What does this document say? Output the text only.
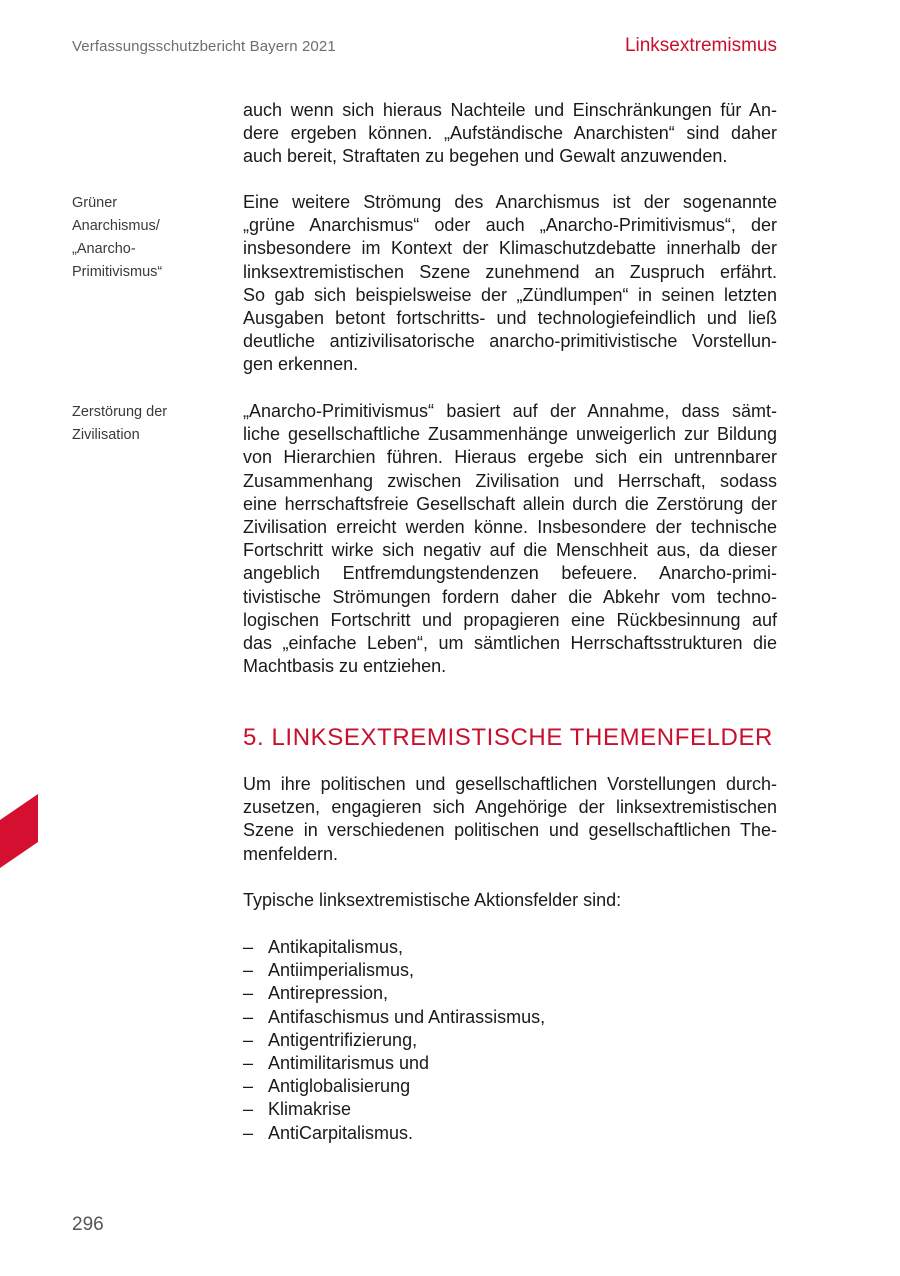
Verfassungsschutzbericht Bayern 2021	Linksextremismus
Grüner
Anarchismus/
„Anarcho-
Primitivismus“
Zerstörung der
Zivilisation
auch wenn sich hieraus Nachteile und Einschränkungen für An-
dere ergeben können. „Aufständische Anarchisten“ sind daher
auch bereit, Straftaten zu begehen und Gewalt anzuwenden.
Eine weitere Strömung des Anarchismus ist der sogenannte
„grüne Anarchismus“ oder auch „Anarcho-Primitivismus“, der
insbesondere im Kontext der Klimaschutzdebatte innerhalb der
linksextremistischen Szene zunehmend an Zuspruch erfährt.
So gab sich beispielsweise der „Zündlumpen“ in seinen letzten
Ausgaben betont fortschritts- und technologiefeindlich und ließ
deutliche antizivilisatorische anarcho-primitivistische Vorstellun-
gen erkennen.
„Anarcho-Primitivismus“ basiert auf der Annahme, dass sämt-
liche gesellschaftliche Zusammenhänge unweigerlich zur Bildung
von Hierarchien führen. Hieraus ergebe sich ein untrennbarer
Zusammenhang zwischen Zivilisation und Herrschaft, sodass
eine herrschaftsfreie Gesellschaft allein durch die Zerstörung der
Zivilisation erreicht werden könne. Insbesondere der technische
Fortschritt wirke sich negativ auf die Menschheit aus, da dieser
angeblich Entfremdungstendenzen befeuere. Anarcho-primi-
tivistische Strömungen fordern daher die Abkehr vom techno-
logischen Fortschritt und propagieren eine Rückbesinnung auf
das „einfache Leben“, um sämtlichen Herrschaftsstrukturen die
Machtbasis zu entziehen.
5. LINKSEXTREMISTISCHE THEMENFELDER
Um ihre politischen und gesellschaftlichen Vorstellungen durch-
zusetzen, engagieren sich Angehörige der linksextremistischen
Szene in verschiedenen politischen und gesellschaftlichen The-
menfeldern.
Typische linksextremistische Aktionsfelder sind:
– Antikapitalismus,
– Antiimperialismus,
– Antirepression,
– Antifaschismus und Antirassismus,
– Antigentrifizierung,
– Antimilitarismus und
– Antiglobalisierung
– Klimakrise
– AntiCarpitalismus.
296
